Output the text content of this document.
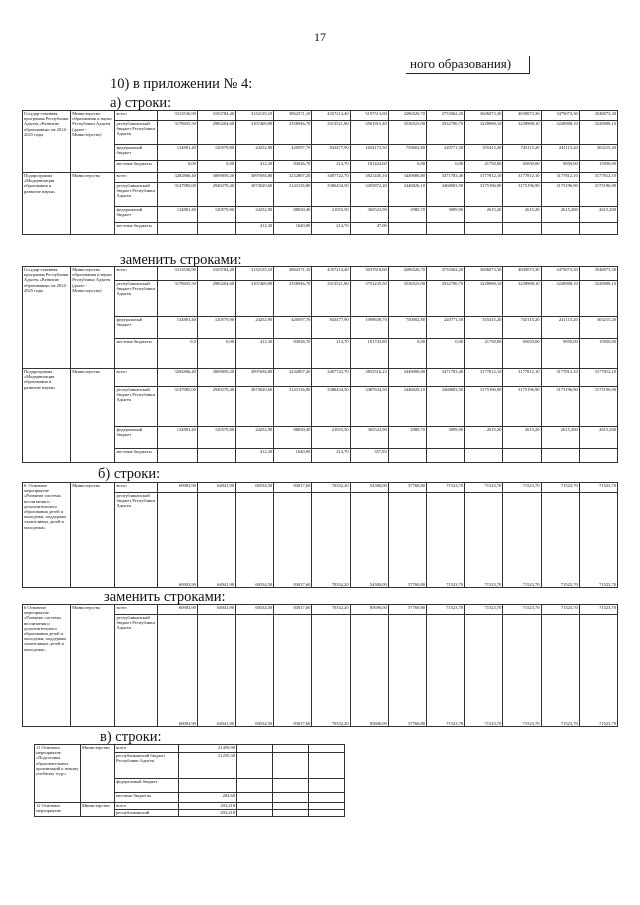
17
ного образования)
10) в приложении № 4:
а) строки:
Государ-ственная программа Республики Адыгея «Развитие образования» на 2014-2025 годы	Министерство образования и науки Республики Адыгея (далее - Министерство)	всего	3313536,90	3103784,40	3132135,10	3862571,10	4357214,40	5197513,60	4286526,70	3753562,20	3606073,30	4039073,30	3479073,30	3548073,30
		республиканский бюджет Республики Адыгея	3178655,50	2983204,60	3107469,90	3358946,70	3513521,80	3561915,40	3536523,90	3532790,70	3228908,10	3228908,10	3228908,10	3228908,10
		федеральный бюджет	134881,40	120579,80	24252,90	420597,70	843477,90	1654173,50	750002,80	220771,50	355415,20	745115,20	241115,20	303215,20
		местные бюджеты	0,00	0,00	412,30	83026,70	214,70	181424,60	0,00	0,00	21750,00	65050,00	9050,00	15950,00
Подпрограмма «Модернизация образования и развитие науки»	Министерство	всего	3282866,40	3069859,20	3097694,80	3232807,20	3407722,70	3821445,10	3449006,80	3471783,40	3177812,10	3177812,10	3177812,10	3177812,10
		республиканский бюджет Республики Адыгея	3147985,00	2949279,40	3073029,60	3143136,80	3386434,50	3455872,20	3446026,10	3468683,50	3175196,90	3175196,90	3175196,90	3175196,90
		федеральный бюджет	134881,40	120579,80	24252,90	88030,40	21053,50	365523,90	2980,70	3099,90	2615,20	2615,20	2615,200	2615,200
		местные бюджеты			412,30	1640,00	214,70	47,00						
заменить строками:
Государ-ственная программа Республики Адыгея «Развитие образования» на 2014-2025 годы	Министерство образования и науки Республики Адыгея (далее - Министерство)	всего	3313536,90	3103784,40	3132135,10	3862571,10	4357214,40	5037618,60	4286526,70	3753562,20	3606073,30	4039073,30	3479073,30	3548073,30
		республиканский бюджет Республики Адыгея	3178655,50	2983204,60	3107469,90	3358946,70	3513521,80	3753235,50	3536523,90	3532790,70	3228908,10	3228908,10	3228908,10	3228908,10
		федеральный бюджет	134881,40	120579,80	24252,90	420597,70	843477,90	1099639,70	750002,80	220771,50	355415,20	745115,20	241115,20	303215,20
		местные бюджеты	0,0	0,00	412,30	83026,70	214,70	181743,80	0,00	0,00	21750,00	65050,00	9050,00	15950,00
Подпрограмма «Модернизация образования и развитие науки»	Министерство	всего	3282866,40	3069859,20	3097694,80	3232807,20	3407722,70	3853516,23	3449006,80	3471783,40	3177812,10	3177812,10	3177812,10	3177812,10
		республиканский бюджет Республики Адыгея	3147985,00	2949279,40	3073029,60	3143136,80	3386434,50	3487634,50	3446026,10	3468683,50	3175196,90	3175196,90	3175196,90	3175196,90
		федеральный бюджет	134881,40	120579,80	24252,90	88030,40	21053,50	365523,90	2980,70	3099,90	2615,20	2615,20	2615,200	2615,200
		местные бюджеты			412,30	1640,00	214,70	357,83						
б) строки:
6. Основное мероприятие «Развитие системы воспитания и дополнительного образования детей и молодежи, поддержка талантливых детей и молодежи»	Министерство	всего	60903,90	64941,90	60534,50	83017,60	70332,20	54300,00	57760,80	71523,70	71523,70	71523,70	71523,70	71523,70
		республиканский бюджет Республики Адыгея	60903,90	64941,90	60534,50	83017,60	70332,20	54300,00	57760,80	71523,70	71523,70	71523,70	71523,70	71523,70
заменить строками:
6 Основное мероприятие «Развитие системы воспитания и дополнительного образования детей и молодежи, поддержка талантливых детей и молодежи»	Министерство	всего	60903,90	64941,90	60534,50	83017,60	70332,20	85696,00	57760,80	71523,70	71523,70	71523,70	71523,70	71523,70
		республиканский бюджет Республики Адыгея	60003,90	64941,90	60534,50	83017,60	70332,20	85696,00	57760,80	71523,70	71523,70	71523,70	71523,70	71523,70
в) строки:
11 Основное мероприятие «Подготовка образовательных организаций к новому учебному году»	Министерство	всего	21459,90			
		республиканский бюджет Республики Адыгея	21255,30			
		федеральный бюджет				
		местные бюджеты	204,60			
12 Основное мероприятие	Министерство	всего	203,218			
		республиканский	203,218			
